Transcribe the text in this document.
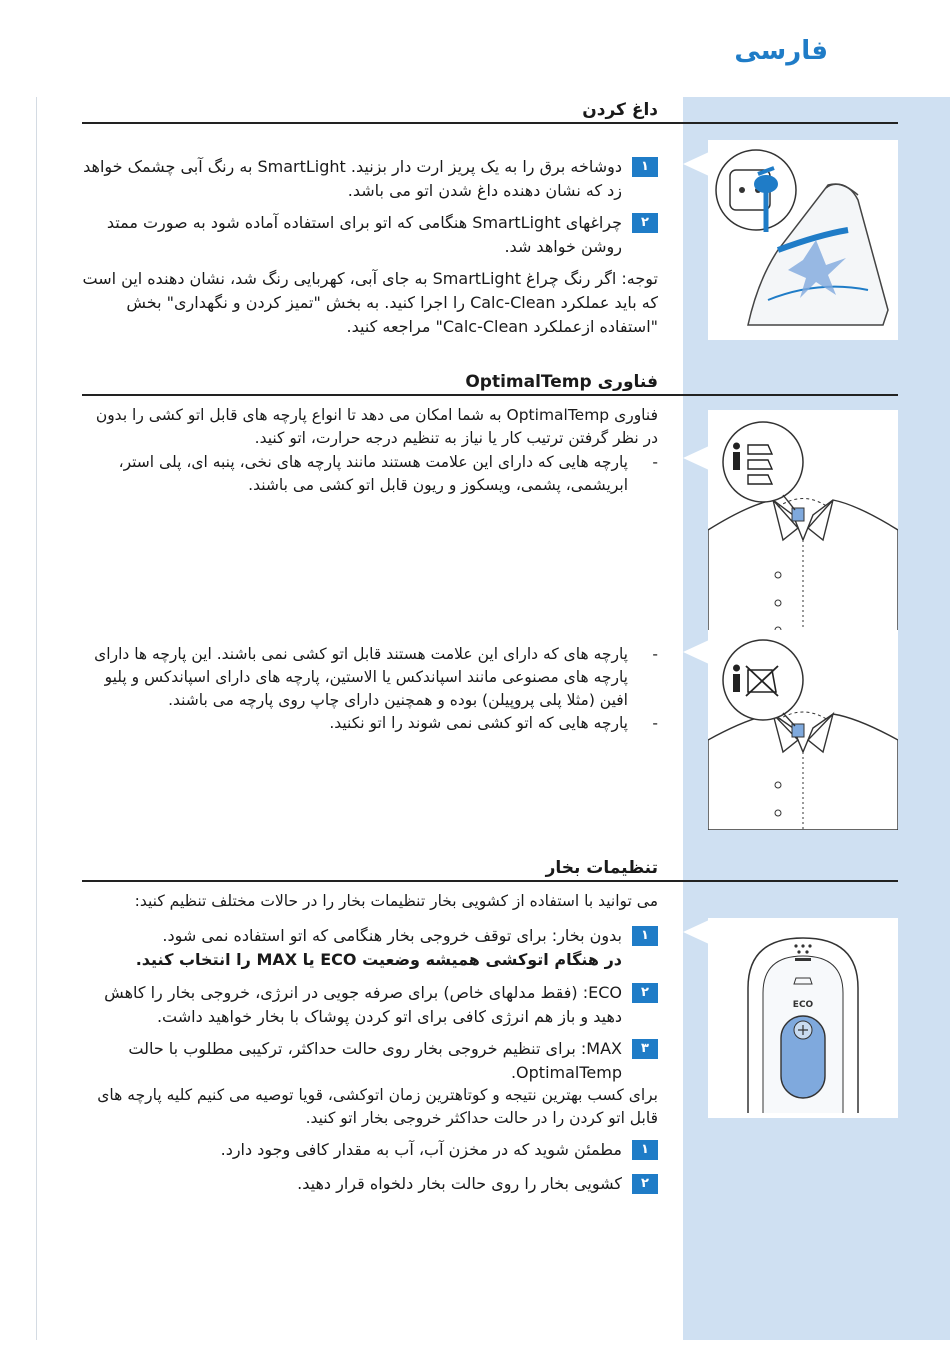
فارسی
داغ کردن
۱
دوشاخه برق را به یک پریز ارت دار بزنید. SmartLight به رنگ آبی چشمک خواهد زد که نشان دهنده داغ شدن اتو می باشد.
۲
چراغهای SmartLight هنگامی که اتو برای استفاده آماده شود به صورت ممتد روشن خواهد شد.
توجه: اگر رنگ چراغ SmartLight به جای آبی، کهربایی رنگ شد، نشان دهنده این است که باید عملکرد Calc-Clean را اجرا کنید. به بخش "تمیز کردن و نگهداری" بخش "استفاده ازعملکرد Calc-Clean" مراجعه کنید.
فناوری OptimalTemp
فناوری OptimalTemp به شما امکان می دهد تا انواع پارچه های قابل اتو کشی را بدون در نظر گرفتن ترتیب کار یا نیاز به تنظیم درجه حرارت، اتو کنید.
-
پارچه هایی که دارای این علامت هستند مانند پارچه های نخی، پنبه ای، پلی استر، ابریشمی، پشمی، ویسکوز و ریون قابل اتو کشی می باشند.
-
پارچه های که دارای این علامت هستند قابل اتو کشی نمی باشند. این پارچه ها دارای پارچه های مصنوعی مانند اسپاندکس یا الاستین، پارچه های دارای اسپاندکس و پلیو افین (مثلا پلی پروپیلن) بوده و همچنین دارای چاپ روی پارچه می باشند.
-
پارچه هایی که اتو کشی نمی شوند را اتو نکنید.
تنظیمات بخار
می توانید با استفاده از کشویی بخار تنظیمات بخار را در حالات مختلف تنظیم کنید:
۱
بدون بخار: برای توقف خروجی بخار هنگامی که اتو استفاده نمی شود.
در هنگام اتوکشی همیشه وضعیت ECO یا MAX را انتخاب کنید.
۲
ECO: (فقط مدلهای خاص) برای صرفه جویی در انرژی، خروجی بخار را کاهش دهید و باز هم انرژی کافی برای اتو کردن پوشاک با بخار خواهید داشت.
۳
MAX: برای تنظیم خروجی بخار روی حالت حداکثر، ترکیبی مطلوب با حالت OptimalTemp.
برای کسب بهترین نتیجه و کوتاهترین زمان اتوکشی، قویا توصیه می کنیم کلیه پارچه های قابل اتو کردن را در حالت حداکثر خروجی بخار اتو کنید.
۱
مطمئن شوید که در مخزن آب، آب به مقدار کافی وجود دارد.
۲
کشویی بخار را روی حالت بخار دلخواه قرار دهید.
ECO
